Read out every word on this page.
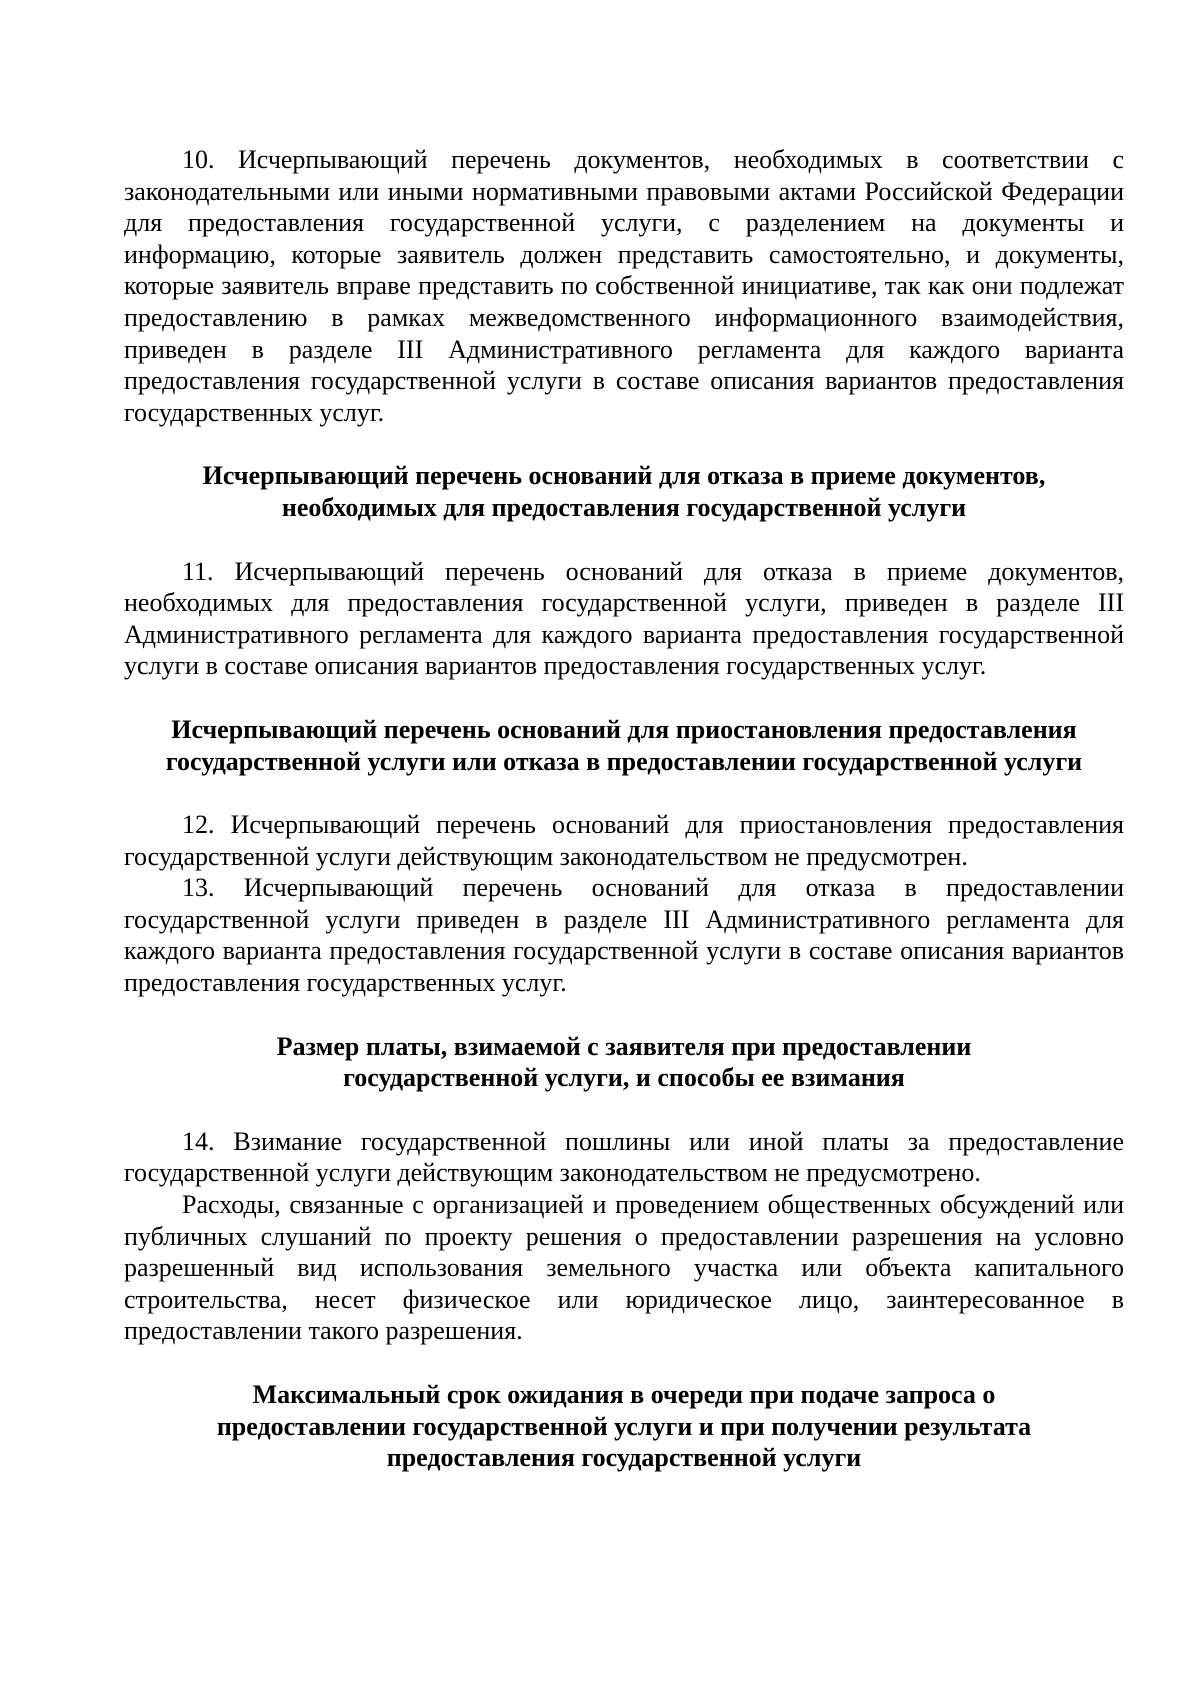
10. Исчерпывающий перечень документов, необходимых в соответствии с законодательными или иными нормативными правовыми актами Российской Федерации для предоставления государственной услуги, с разделением на документы и информацию, которые заявитель должен представить самостоятельно, и документы, которые заявитель вправе представить по собственной инициативе, так как они подлежат предоставлению в рамках межведомственного информационного взаимодействия, приведен в разделе III Административного регламента для каждого варианта предоставления государственной услуги в составе описания вариантов предоставления государственных услуг.

Исчерпывающий перечень оснований для отказа в приеме документов,

необходимых для предоставления государственной услуги

11. Исчерпывающий перечень оснований для отказа в приеме документов, необходимых для предоставления государственной услуги, приведен в разделе III Административного регламента для каждого варианта предоставления государственной услуги в составе описания вариантов предоставления государственных услуг.

Исчерпывающий перечень оснований для приостановления предоставления

государственной услуги или отказа в предоставлении государственной услуги

12. Исчерпывающий перечень оснований для приостановления предоставления государственной услуги действующим законодательством не предусмотрен.

13. Исчерпывающий перечень оснований для отказа в предоставлении государственной услуги приведен в разделе III Административного регламента для каждого варианта предоставления государственной услуги в составе описания вариантов предоставления государственных услуг.

Размер платы, взимаемой с заявителя при предоставлении

государственной услуги, и способы ее взимания

14. Взимание государственной пошлины или иной платы за предоставление государственной услуги действующим законодательством не предусмотрено.

Расходы, связанные с организацией и проведением общественных обсуждений или публичных слушаний по проекту решения о предоставлении разрешения на условно разрешенный вид использования земельного участка или объекта капитального строительства, несет физическое или юридическое лицо, заинтересованное в предоставлении такого разрешения.

Максимальный срок ожидания в очереди при подаче запроса о

предоставлении государственной услуги и при получении результата

предоставления государственной услуги
